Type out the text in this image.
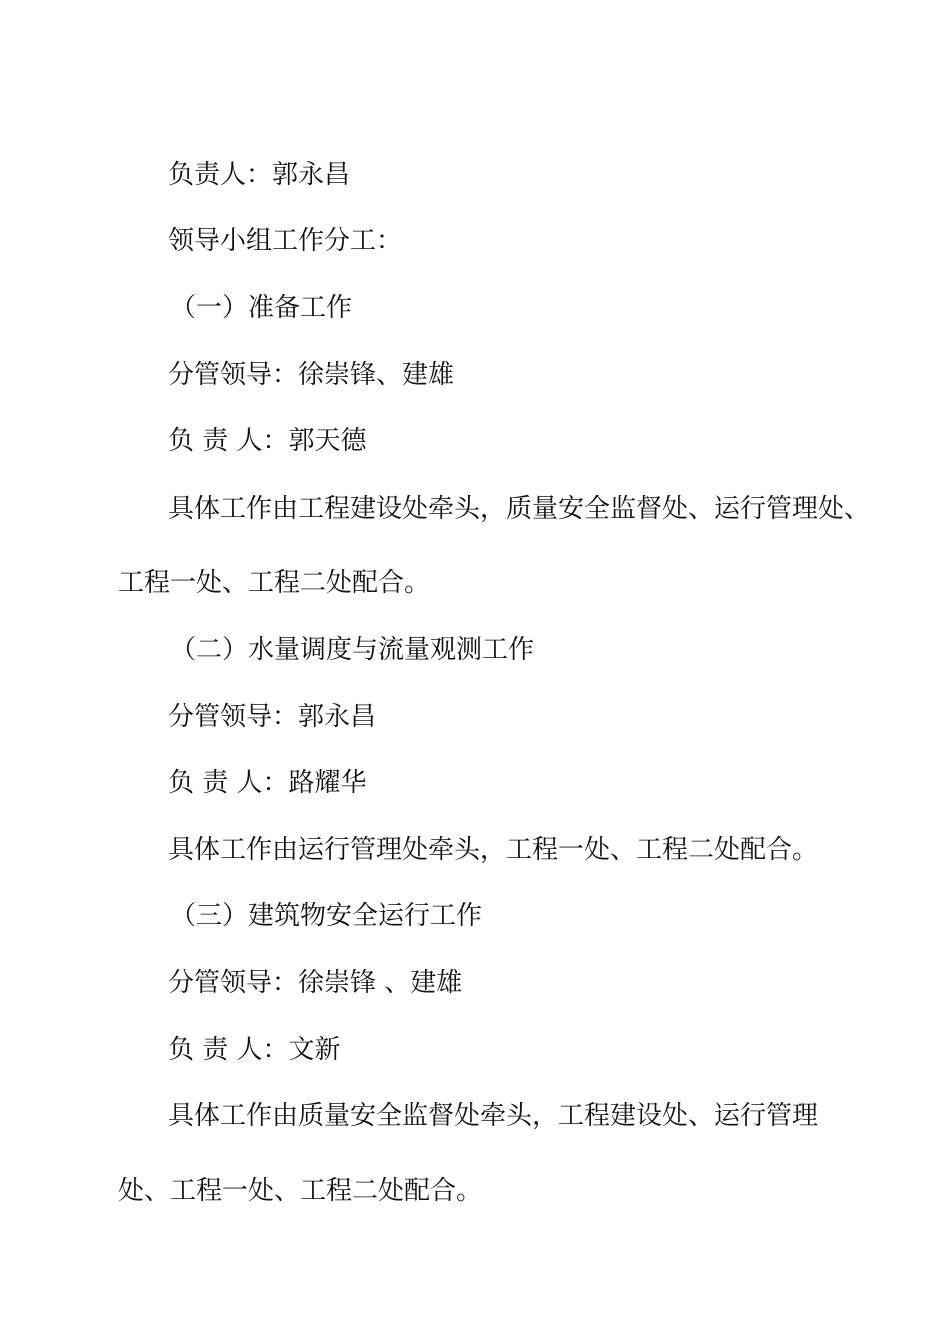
负责人：郭永昌
领导小组工作分工：
（一）准备工作
分管领导：徐崇锋、建雄
负 责 人：郭天德
具体工作由工程建设处牵头，质量安全监督处、运行管理处、
工程一处、工程二处配合。
（二）水量调度与流量观测工作
分管领导：郭永昌
负 责 人：路耀华
具体工作由运行管理处牵头，工程一处、工程二处配合。
（三）建筑物安全运行工作
分管领导：徐崇锋 、建雄
负 责 人：文新
具体工作由质量安全监督处牵头，工程建设处、运行管理
处、工程一处、工程二处配合。
